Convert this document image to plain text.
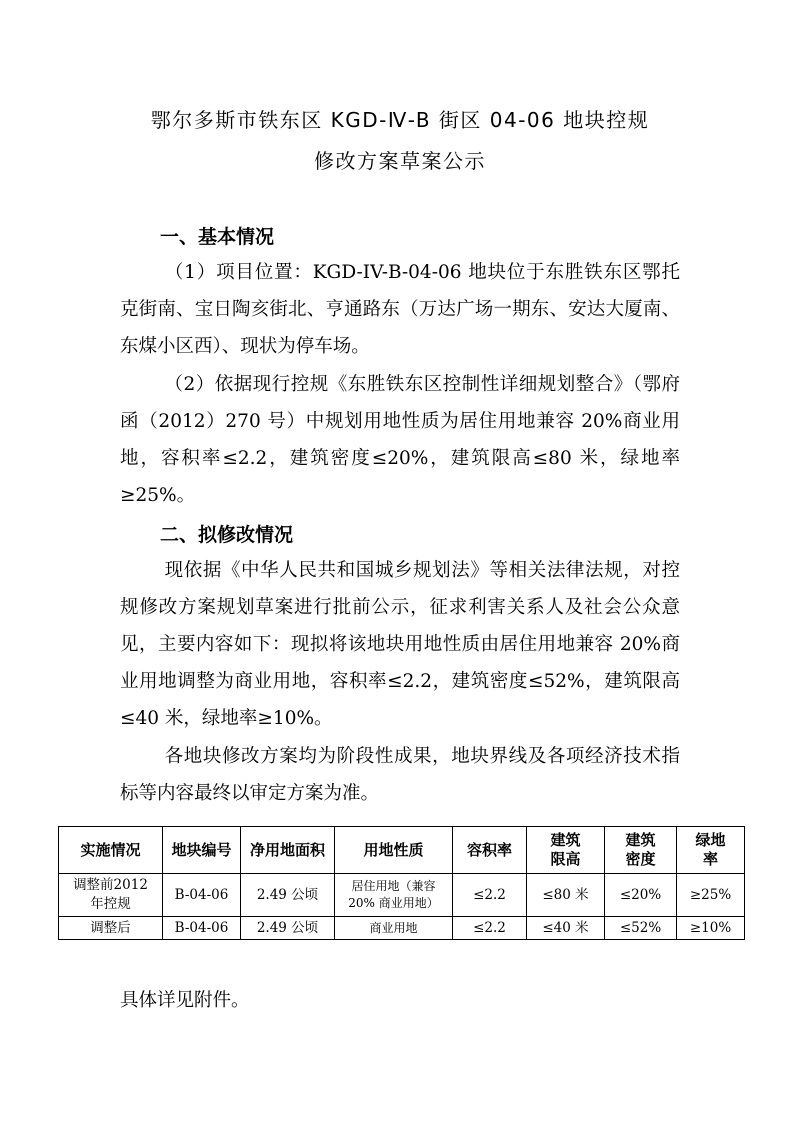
鄂尔多斯市铁东区 KGD-Ⅳ-B 街区 04-06 地块控规
修改方案草案公示
一、基本情况

（1）项目位置：KGD-IV-B-04-06 地块位于东胜铁东区鄂托克街南、宝日陶亥街北、亨通路东（万达广场一期东、安达大厦南、东煤小区西）、现状为停车场。

（2）依据现行控规《东胜铁东区控制性详细规划整合》（鄂府函（2012）270 号）中规划用地性质为居住用地兼容 20%商业用地，容积率≤2.2，建筑密度≤20%，建筑限高≤80 米，绿地率≥25%。

二、拟修改情况

现依据《中华人民共和国城乡规划法》等相关法律法规，对控规修改方案规划草案进行批前公示，征求利害关系人及社会公众意见，主要内容如下：现拟将该地块用地性质由居住用地兼容 20%商业用地调整为商业用地，容积率≤2.2，建筑密度≤52%，建筑限高≤40 米，绿地率≥10%。

各地块修改方案均为阶段性成果，地块界线及各项经济技术指标等内容最终以审定方案为准。

实施情况	地块编号	净用地面积	用地性质	容积率	建筑限高	建筑密度	绿地率
调整前2012 年控规	B-04-06	2.49 公顷	居住用地（兼容 20% 商业用地）	≤2.2	≤80 米	≤20%	≥25%
调整后	B-04-06	2.49 公顷	商业用地	≤2.2	≤40 米	≤52%	≥10%
具体详见附件。
